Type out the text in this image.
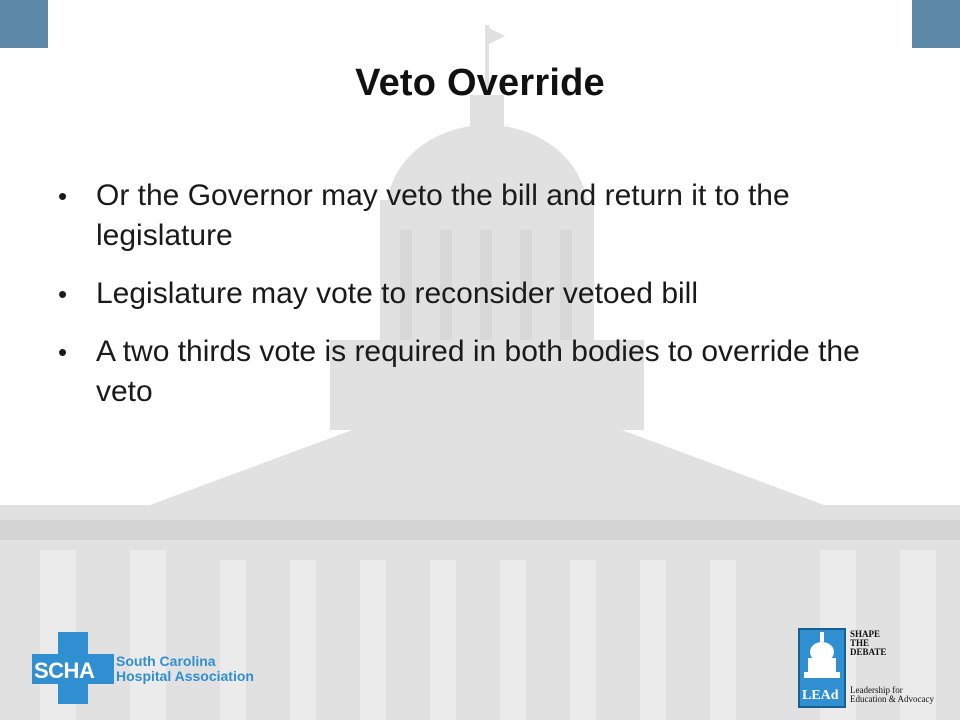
Veto Override
• Or the Governor may veto the bill and return it to the legislature
• Legislature may vote to reconsider vetoed bill
• A two thirds vote is required in both bodies to override the veto
SCHA South Carolina
Hospital Association
LEAd
SHAPE
THE
DEBATE
Leadership for
Education & Advocacy
